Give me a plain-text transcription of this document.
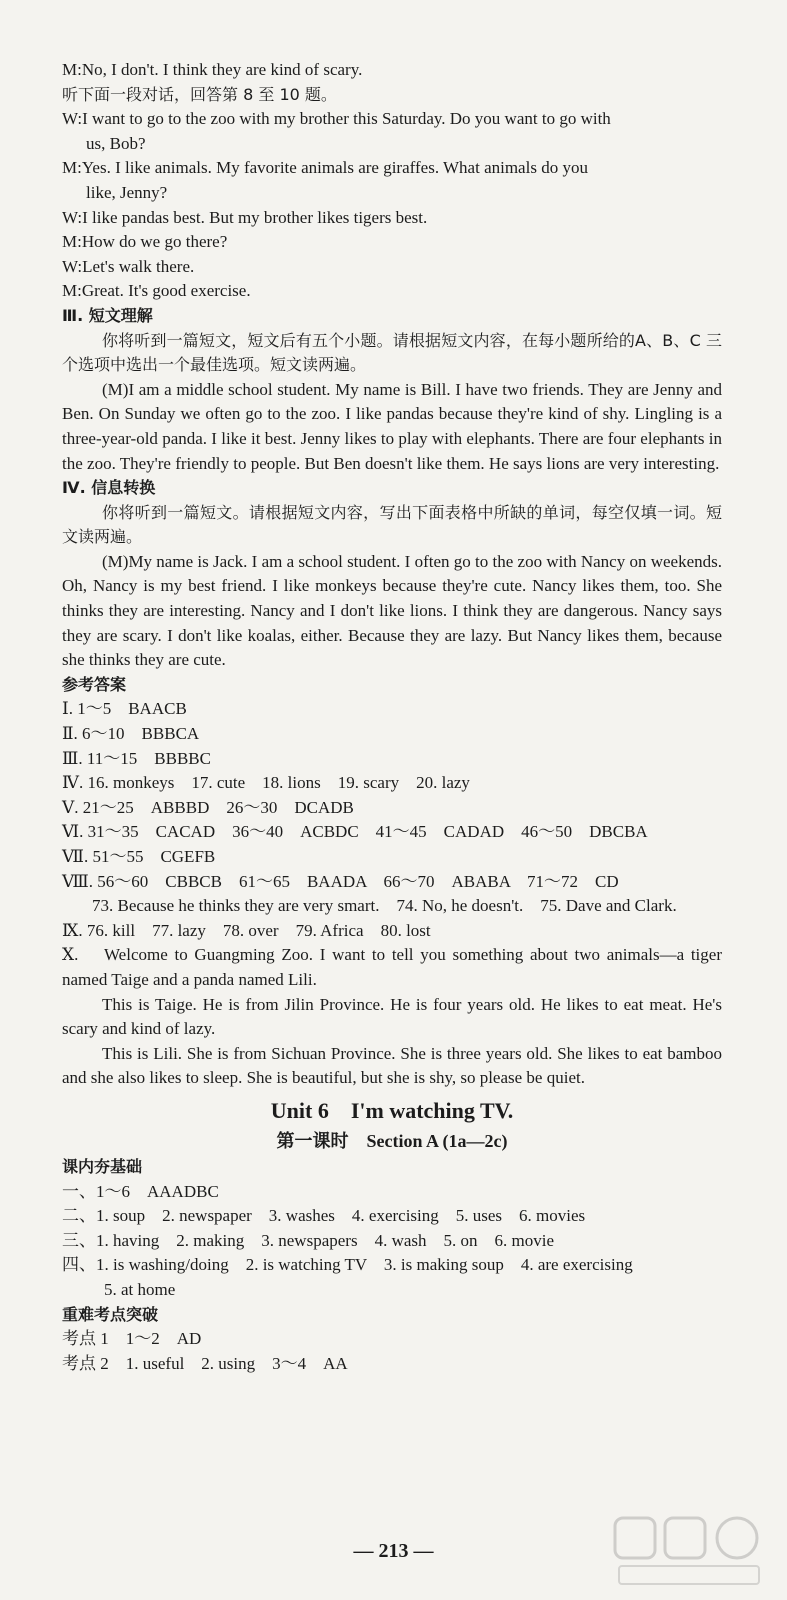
M:No, I don't. I think they are kind of scary.
听下面一段对话，回答第 8 至 10 题。
W:I want to go to the zoo with my brother this Saturday. Do you want to go with
us, Bob?
M:Yes. I like animals. My favorite animals are giraffes. What animals do you
like, Jenny?
W:I like pandas best. But my brother likes tigers best.
M:How do we go there?
W:Let's walk there.
M:Great. It's good exercise.
Ⅲ. 短文理解
你将听到一篇短文，短文后有五个小题。请根据短文内容，在每小题所给的A、B、C 三个选项中选出一个最佳选项。短文读两遍。
(M)I am a middle school student. My name is Bill. I have two friends. They are Jenny and Ben. On Sunday we often go to the zoo. I like pandas because they're kind of shy. Lingling is a three-year-old panda. I like it best. Jenny likes to play with elephants. There are four elephants in the zoo. They're friendly to people. But Ben doesn't like them. He says lions are very interesting.
Ⅳ. 信息转换
你将听到一篇短文。请根据短文内容，写出下面表格中所缺的单词，每空仅填一词。短文读两遍。
(M)My name is Jack. I am a school student. I often go to the zoo with Nancy on weekends. Oh, Nancy is my best friend. I like monkeys because they're cute. Nancy likes them, too. She thinks they are interesting. Nancy and I don't like lions. I think they are dangerous. Nancy says they are scary. I don't like koalas, either. Because they are lazy. But Nancy likes them, because she thinks they are cute.
参考答案
Ⅰ. 1～5　BAACB
Ⅱ. 6～10　BBBCA
Ⅲ. 11～15　BBBBC
Ⅳ. 16. monkeys　17. cute　18. lions　19. scary　20. lazy
Ⅴ. 21～25　ABBBD　26～30　DCADB
Ⅵ. 31～35　CACAD　36～40　ACBDC　41～45　CADAD　46～50　DBCBA
Ⅶ. 51～55　CGEFB
Ⅷ. 56～60　CBBCB　61～65　BAADA　66～70　ABABA　71～72　CD
73. Because he thinks they are very smart.　74. No, he doesn't.　75. Dave and Clark.
Ⅸ. 76. kill　77. lazy　78. over　79. Africa　80. lost
Ⅹ.	Welcome to Guangming Zoo. I want to tell you something about two animals—a tiger named Taige and a panda named Lili.
This is Taige. He is from Jilin Province. He is four years old. He likes to eat meat. He's scary and kind of lazy.
This is Lili. She is from Sichuan Province. She is three years old. She likes to eat bamboo and she also likes to sleep. She is beautiful, but she is shy, so please be quiet.
Unit 6　I'm watching TV.
第一课时　Section A (1a—2c)
课内夯基础
一、1～6　AAADBC
二、1. soup　2. newspaper　3. washes　4. exercising　5. uses　6. movies
三、1. having　2. making　3. newspapers　4. wash　5. on　6. movie
四、1. is washing/doing　2. is watching TV　3. is making soup　4. are exercising
5. at home
重难考点突破
考点 1　1～2　AD
考点 2　1. useful　2. using　3～4　AA
— 213 —
